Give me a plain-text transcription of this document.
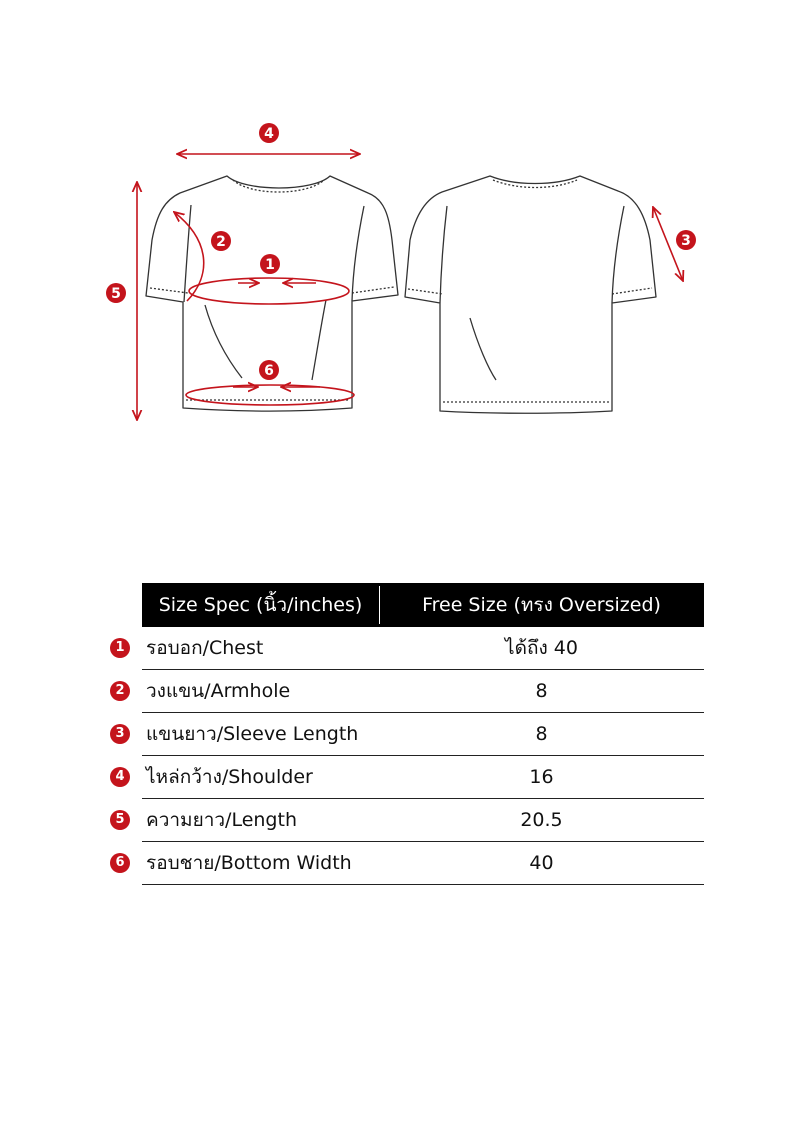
4
2
1
5
6
3
Size Spec (นิ้ว/inches)	Free Size (ทรง Oversized)
1 รอบอก/Chest	ได้ถึง 40
2 วงแขน/Armhole	8
3 แขนยาว/Sleeve Length	8
4 ไหล่กว้าง/Shoulder	16
5 ความยาว/Length	20.5
6 รอบชาย/Bottom Width	40
